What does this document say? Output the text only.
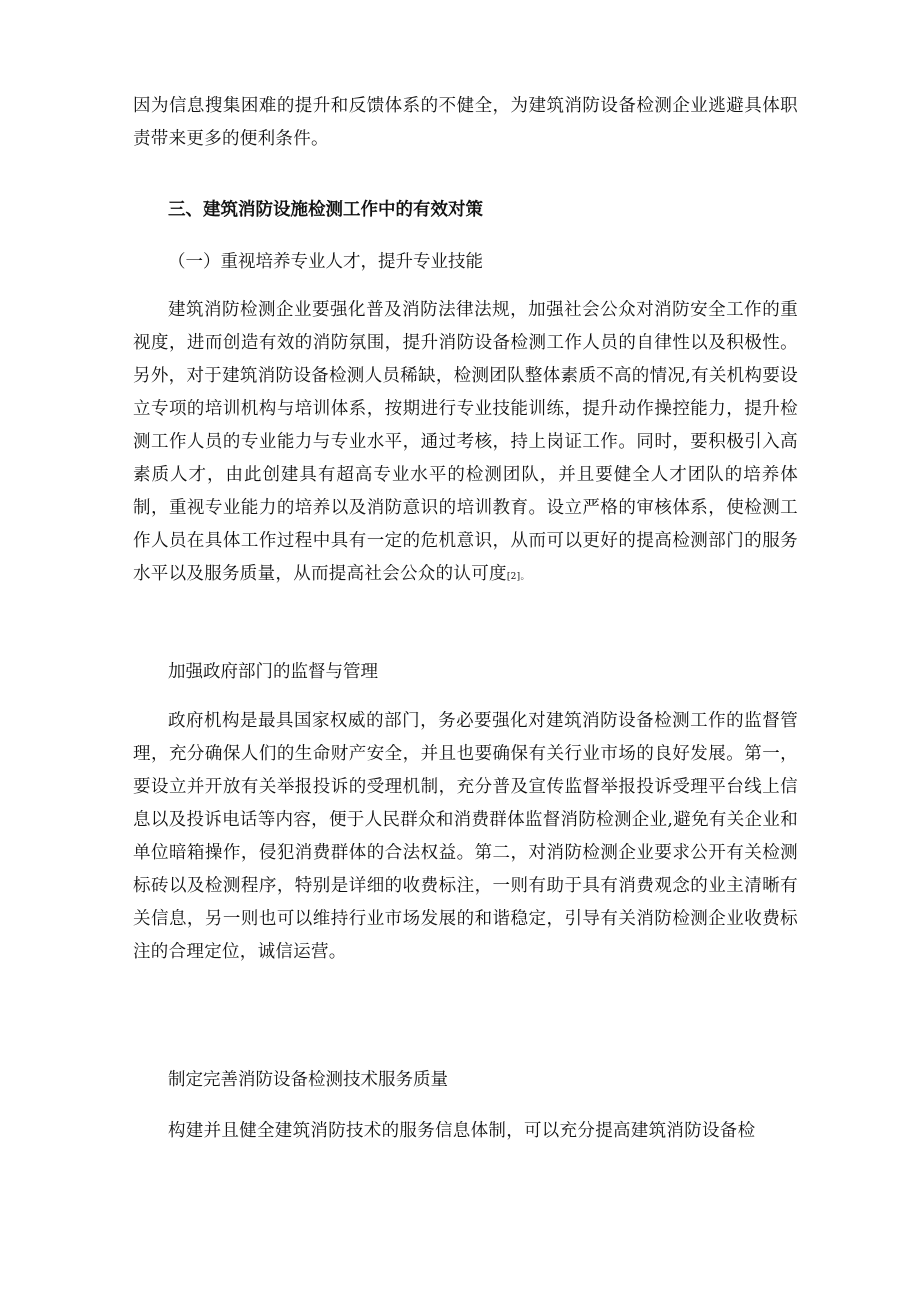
因为信息搜集困难的提升和反馈体系的不健全，为建筑消防设备检测企业逃避具体职责带来更多的便利条件。

三、建筑消防设施检测工作中的有效对策

（一）重视培养专业人才，提升专业技能

建筑消防检测企业要强化普及消防法律法规，加强社会公众对消防安全工作的重视度，进而创造有效的消防氛围，提升消防设备检测工作人员的自律性以及积极性。另外，对于建筑消防设备检测人员稀缺，检测团队整体素质不高的情况,有关机构要设立专项的培训机构与培训体系，按期进行专业技能训练，提升动作操控能力，提升检测工作人员的专业能力与专业水平，通过考核，持上岗证工作。同时，要积极引入高素质人才，由此创建具有超高专业水平的检测团队，并且要健全人才团队的培养体制，重视专业能力的培养以及消防意识的培训教育。设立严格的审核体系，使检测工作人员在具体工作过程中具有一定的危机意识，从而可以更好的提高检测部门的服务水平以及服务质量，从而提高社会公众的认可度[2]。

加强政府部门的监督与管理

政府机构是最具国家权威的部门，务必要强化对建筑消防设备检测工作的监督管理，充分确保人们的生命财产安全，并且也要确保有关行业市场的良好发展。第一，要设立并开放有关举报投诉的受理机制，充分普及宣传监督举报投诉受理平台线上信息以及投诉电话等内容，便于人民群众和消费群体监督消防检测企业,避免有关企业和单位暗箱操作，侵犯消费群体的合法权益。第二，对消防检测企业要求公开有关检测标砖以及检测程序，特别是详细的收费标注，一则有助于具有消费观念的业主清晰有关信息，另一则也可以维持行业市场发展的和谐稳定，引导有关消防检测企业收费标注的合理定位，诚信运营。

制定完善消防设备检测技术服务质量

构建并且健全建筑消防技术的服务信息体制，可以充分提高建筑消防设备检
